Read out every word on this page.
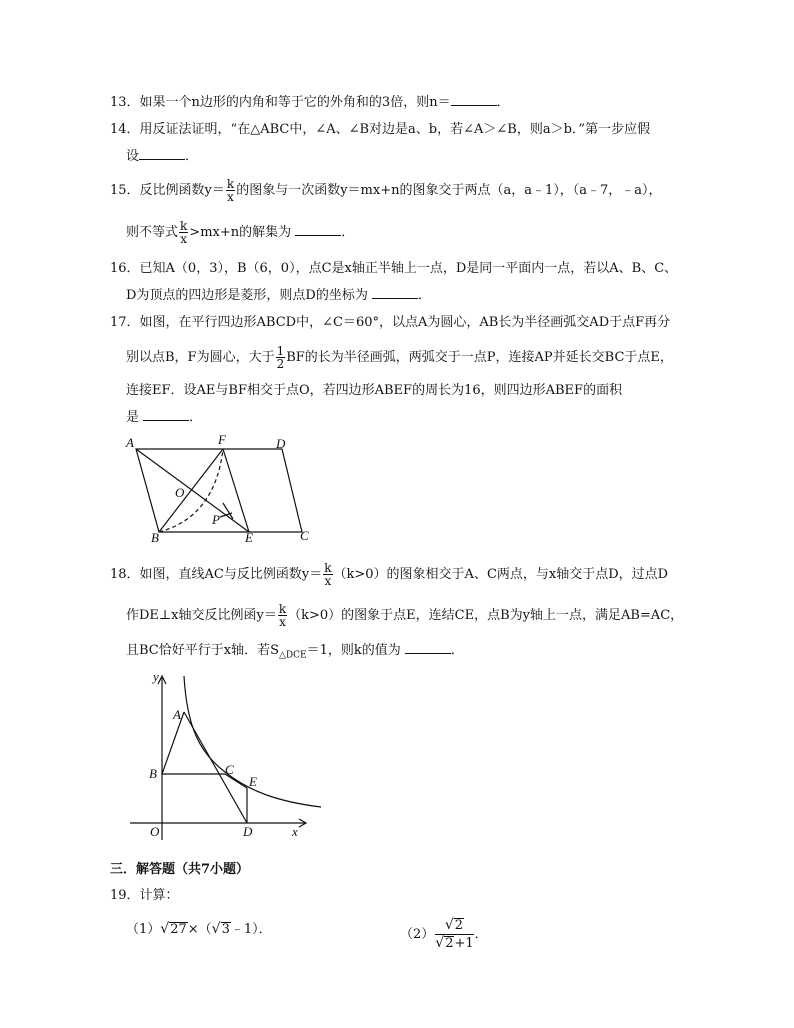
13．如果一个n边形的内角和等于它的外角和的3倍，则n＝	．
14．用反证法证明，“在△ABC中，∠A、∠B对边是a、b，若∠A＞∠B，则a＞b．”第一步应假
设	．
15．反比例函数$y= \frac{k}{x}$ 的图象与一次函数y＝mx+n的图象交于两点（a，a﹣1），（a﹣7，﹣a），
则不等式 $\frac{k}{x} >mx+n$的解集为	．
16．已知A（0，3），B（6，0），点C是x轴正半轴上一点，D是同一平面内一点，若以A、B、C、
D为顶点的四边形是菱形，则点D的坐标为	．
17．如图，在平行四边形ABCD中，∠C＝60°，以点A为圆心，AB长为半径画弧交AD于点F再分
别以点B，F为圆心，大于 $\frac{1}{2}$ BF的长为半径画弧，两弧交于一点P，连接AP并延长交BC于点E，
连接EF．设AE与BF相交于点O，若四边形ABEF的周长为16，则四边形ABEF的面积
是	．
A	F	D
O
P
B	E	C
18．如图，直线AC与反比例函数$y= \frac{k}{x} (k>0)$的图象相交于A、C两点，与x轴交于点D，过点D
作DE⊥x轴交反比例函$y= \frac{k}{x} (k>0)$的图象于点E，连结CE，点B为y轴上一点，满足AB=AC，
且BC恰好平行于x轴．若$S_{\triangle DCE}=1$，则k的值为	．
y
x
O
A
B	C
E
D
三．解答题（共7小题）
19．计算：
（1）√27×（√3﹣1）．	$(2) \frac{√2}{√2+1}$ ．
